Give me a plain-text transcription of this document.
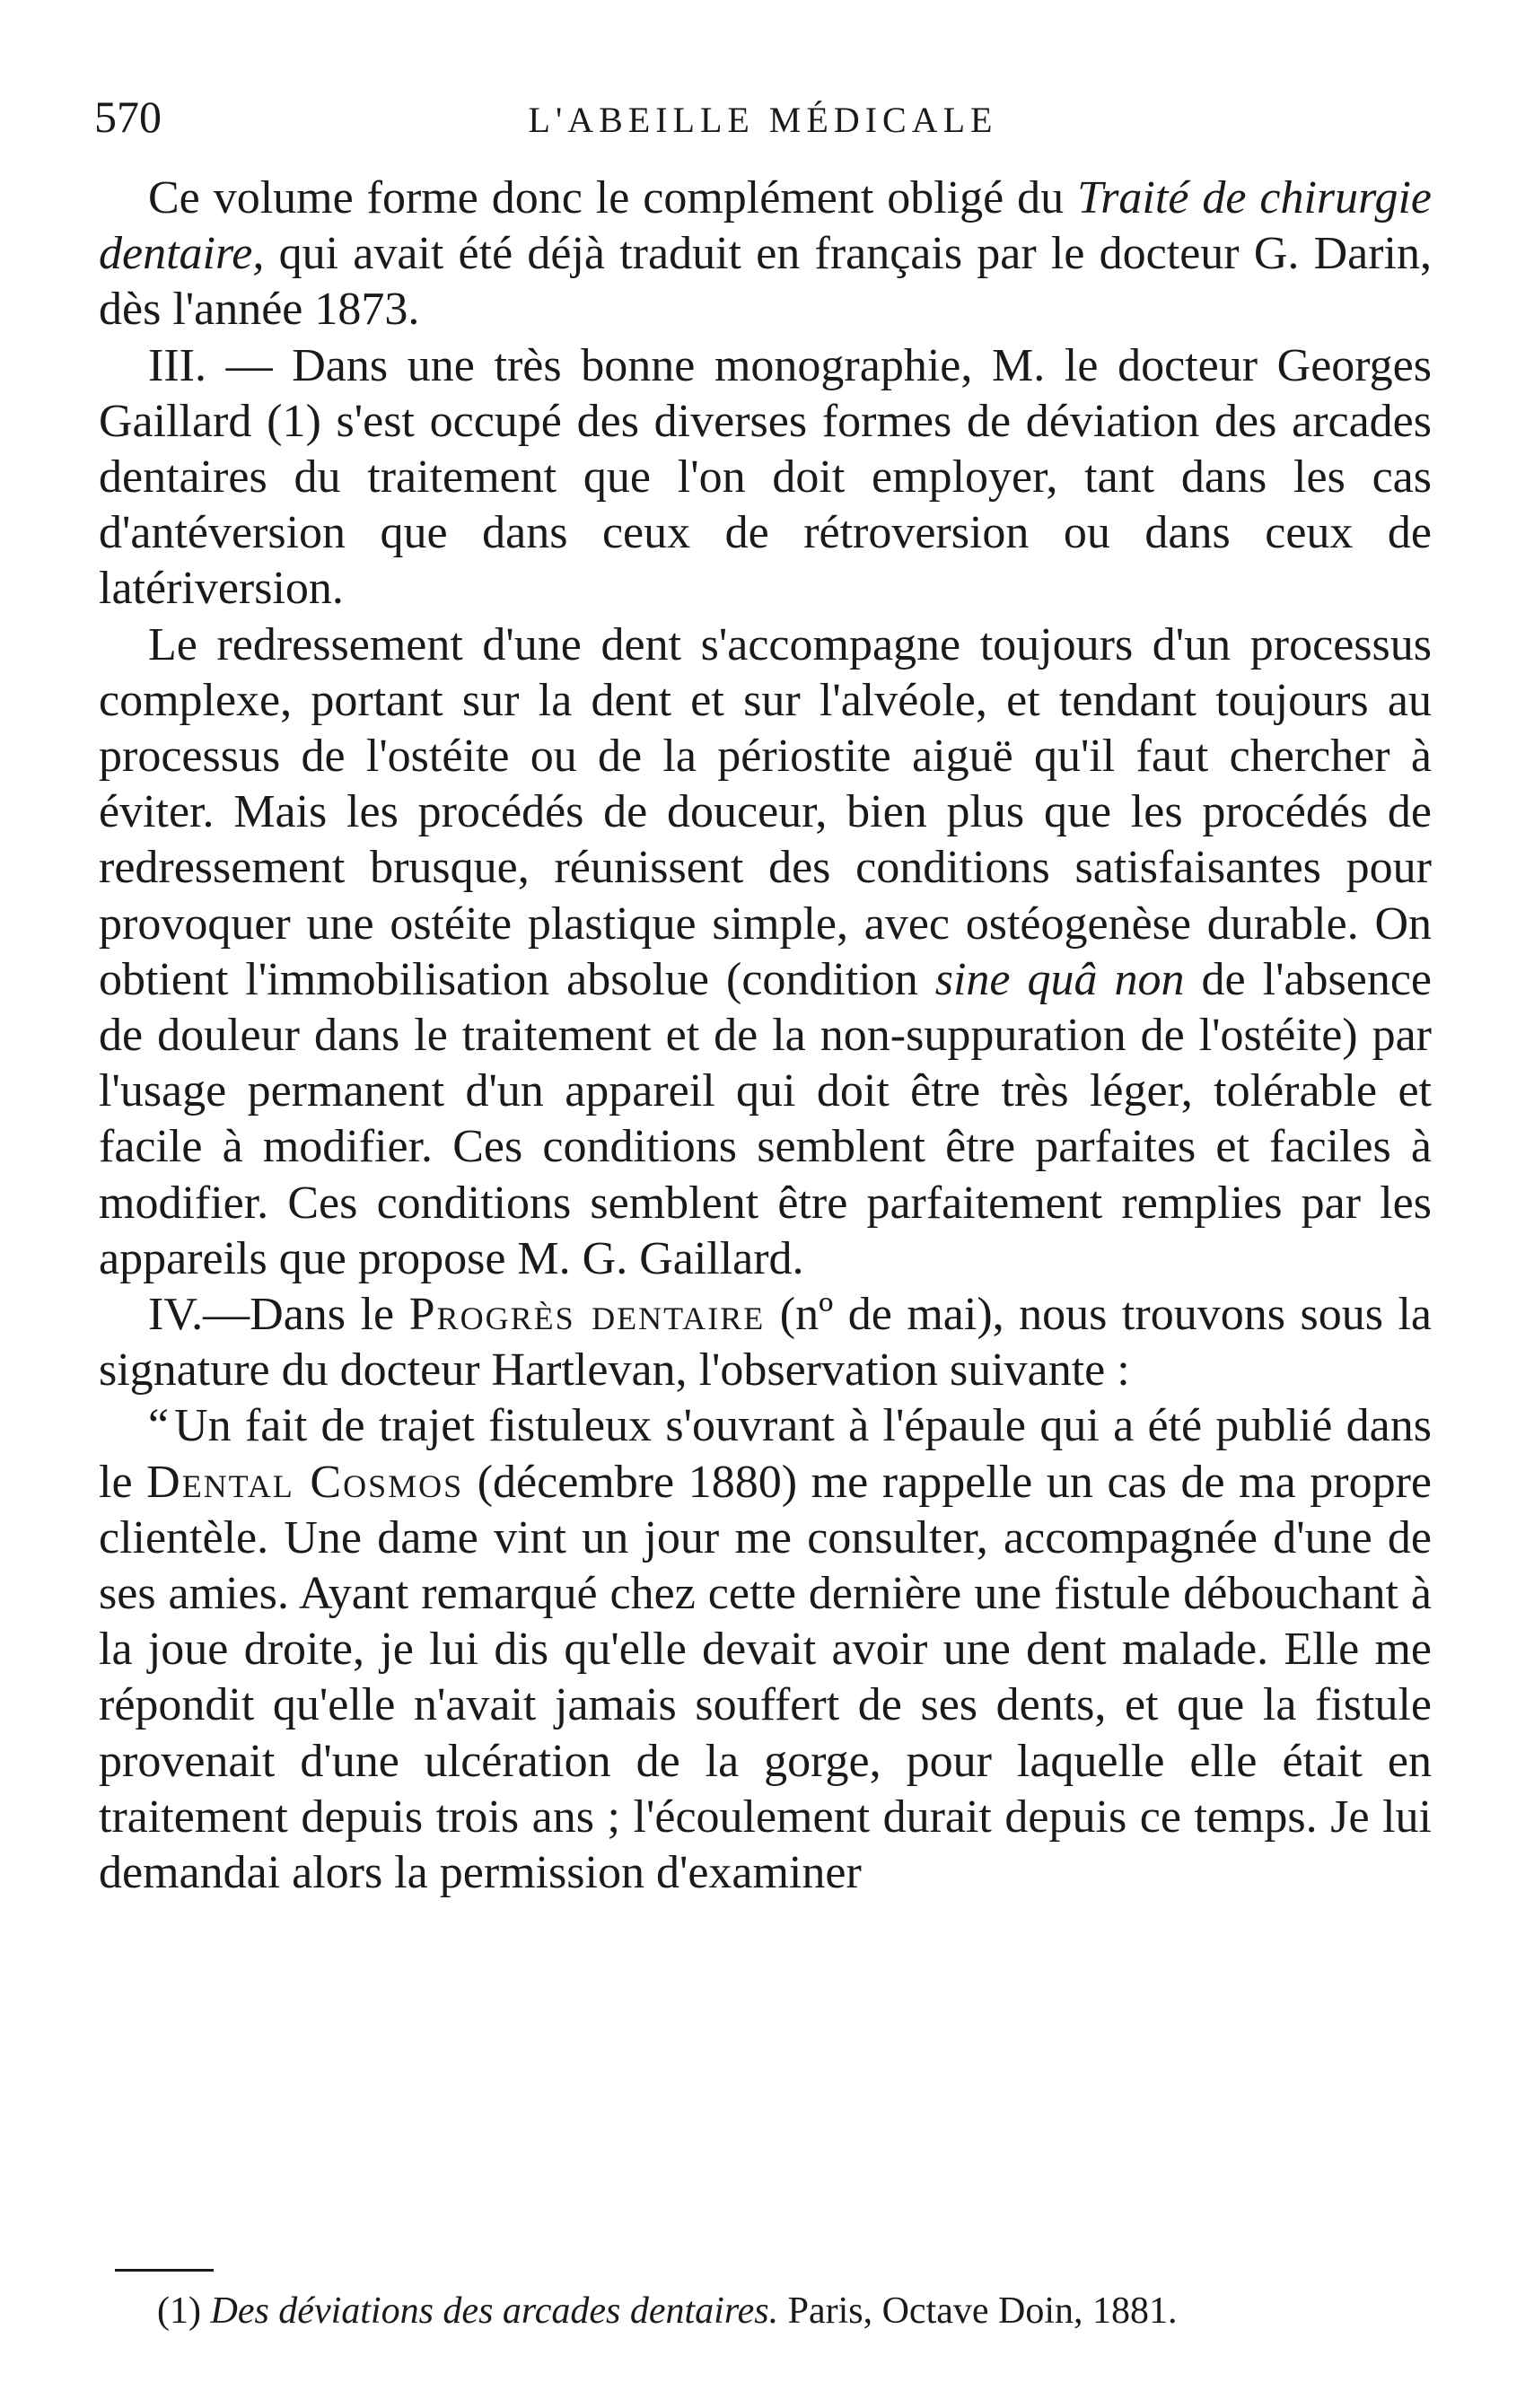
570	L'ABEILLE MÉDICALE

Ce volume forme donc le complément obligé du Traité de chirurgie dentaire, qui avait été déjà traduit en français par le docteur G. Darin, dès l'année 1873.

III. — Dans une très bonne monographie, M. le docteur Georges Gaillard (1) s'est occupé des diverses formes de déviation des arcades dentaires du traitement que l'on doit employer, tant dans les cas d'antéversion que dans ceux de rétroversion ou dans ceux de latériversion.

Le redressement d'une dent s'accompagne toujours d'un processus complexe, portant sur la dent et sur l'alvéole, et tendant toujours au processus de l'ostéite ou de la périostite aiguë qu'il faut chercher à éviter. Mais les procédés de douceur, bien plus que les procédés de redressement brusque, réunissent des conditions satisfaisantes pour provoquer une ostéite plastique simple, avec ostéogenèse durable. On obtient l'immobilisation absolue (condition sine quâ non de l'absence de douleur dans le traitement et de la non-suppuration de l'ostéite) par l'usage permanent d'un appareil qui doit être très léger, tolérable et facile à modifier. Ces conditions semblent être parfaites et faciles à modifier. Ces conditions semblent être parfaitement remplies par les appareils que propose M. G. Gaillard.

IV.—Dans le Progrès dentaire (nº de mai), nous trouvons sous la signature du docteur Hartlevan, l'observation suivante :

“ Un fait de trajet fistuleux s'ouvrant à l'épaule qui a été publié dans le Dental Cosmos (décembre 1880) me rappelle un cas de ma propre clientèle. Une dame vint un jour me consulter, accompagnée d'une de ses amies. Ayant remarqué chez cette dernière une fistule débouchant à la joue droite, je lui dis qu'elle devait avoir une dent malade. Elle me répondit qu'elle n'avait jamais souffert de ses dents, et que la fistule provenait d'une ulcération de la gorge, pour laquelle elle était en traitement depuis trois ans ; l'écoulement durait depuis ce temps. Je lui demandai alors la permission d'examiner

(1) Des déviations des arcades dentaires. Paris, Octave Doin, 1881.
